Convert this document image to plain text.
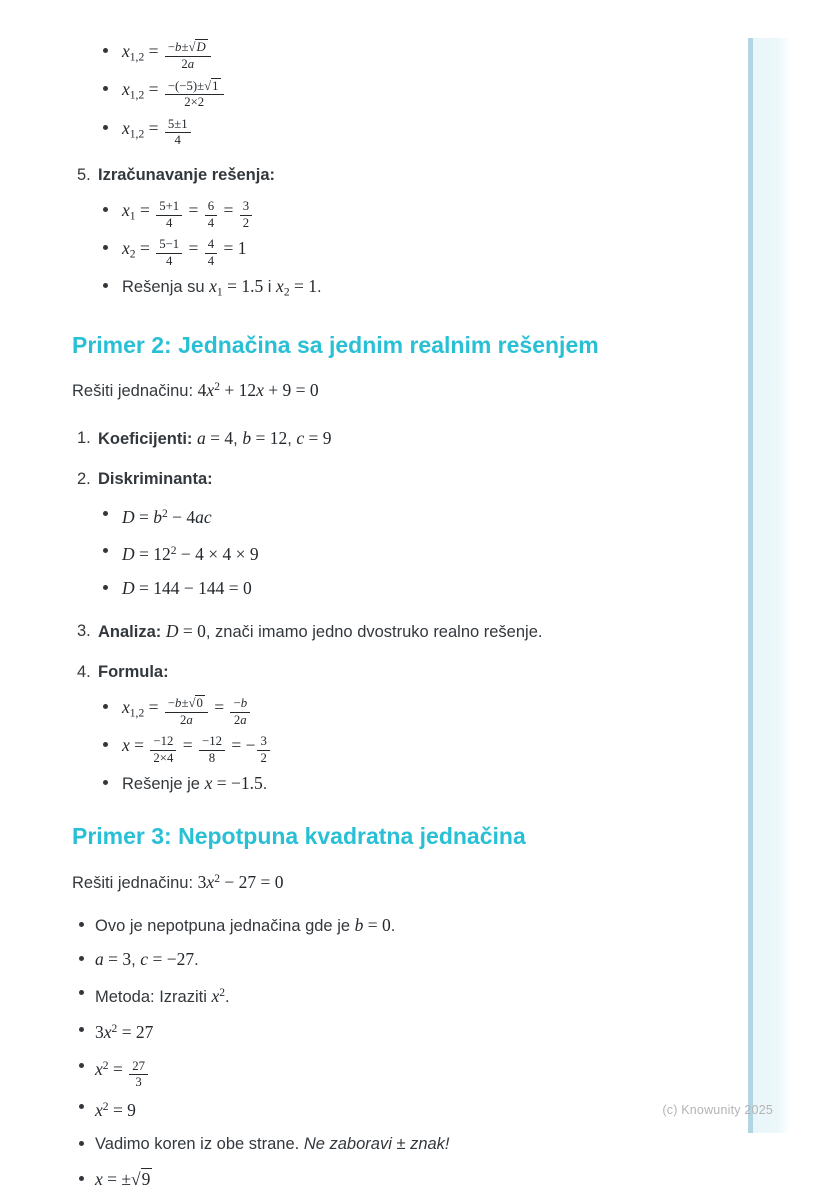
$x1,2 = \frac{-b\pm√D}{2a}$
$x1,2 = \frac{-(-5)\pm√1}{2\times 2}$
$x1,2 = \frac{5\pm 1}{4}$
5. Izračunavanje rešenja:
$x1 = \frac{5+1}{4} = \frac{6}{4} = \frac{3}{2}$
$x2 = \frac{5-1}{4} = \frac{4}{4} = 1$
Rešenja su x1 = 1.5 i x2 = 1.
Primer 2: Jednačina sa jednim realnim rešenjem

Rešiti jednačinu: $4x^2 + 12x + 9 = 0$

1. Koeficijenti: a = 4, b = 12, c = 9
2. Diskriminanta:
$D = b^2 - 4ac$
$D = 12^2 - 4 \times 4 \times 9$
D = 144 − 144 = 0
3. Analiza: D = 0, znači imamo jedno dvostruko realno rešenje.
4. Formula:
$x1,2 = \frac{-b\pm√0}{2a} = \frac{-b}{2a}$
$x = \frac{-12}{2\times 4} = \frac{-12}{8}$ = − $\frac{3}{2}$
Rešenje je x = −1.5.
Primer 3: Nepotpuna kvadratna jednačina

Rešiti jednačinu: $3x^2 - 27 = 0$

Ovo je nepotpuna jednačina gde je b = 0.
a = 3, c = −27.
Metoda: Izraziti $x^2$.
$3x^2 = 27$
$x^2 = \frac{27}{3}$
$x^2 = 9$
Vadimo koren iz obe strane. Ne zaboravi ± znak!
x = ±√9
(c) Knowunity 2025
